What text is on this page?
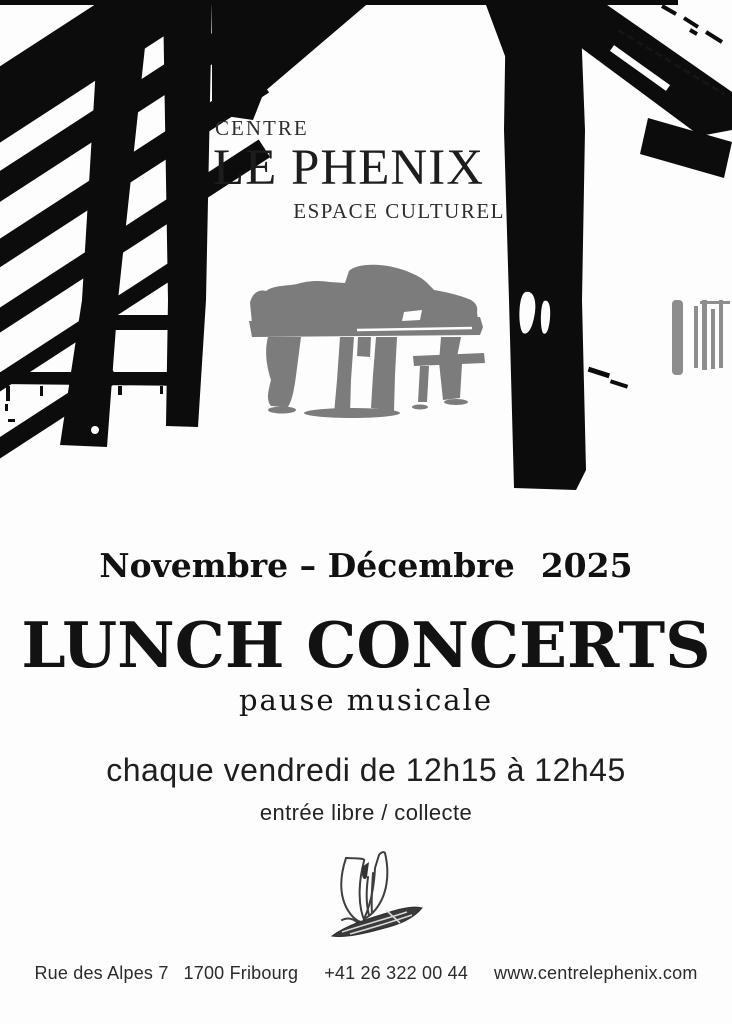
CENTRE
LE PHENIX
ESPACE CULTUREL
Novembre – Décembre 2025
LUNCH CONCERTS
pause musicale
chaque vendredi de 12h15 à 12h45
entrée libre / collecte
Rue des Alpes 7 1700 Fribourg +41 26 322 00 44 www.centrelephenix.com
